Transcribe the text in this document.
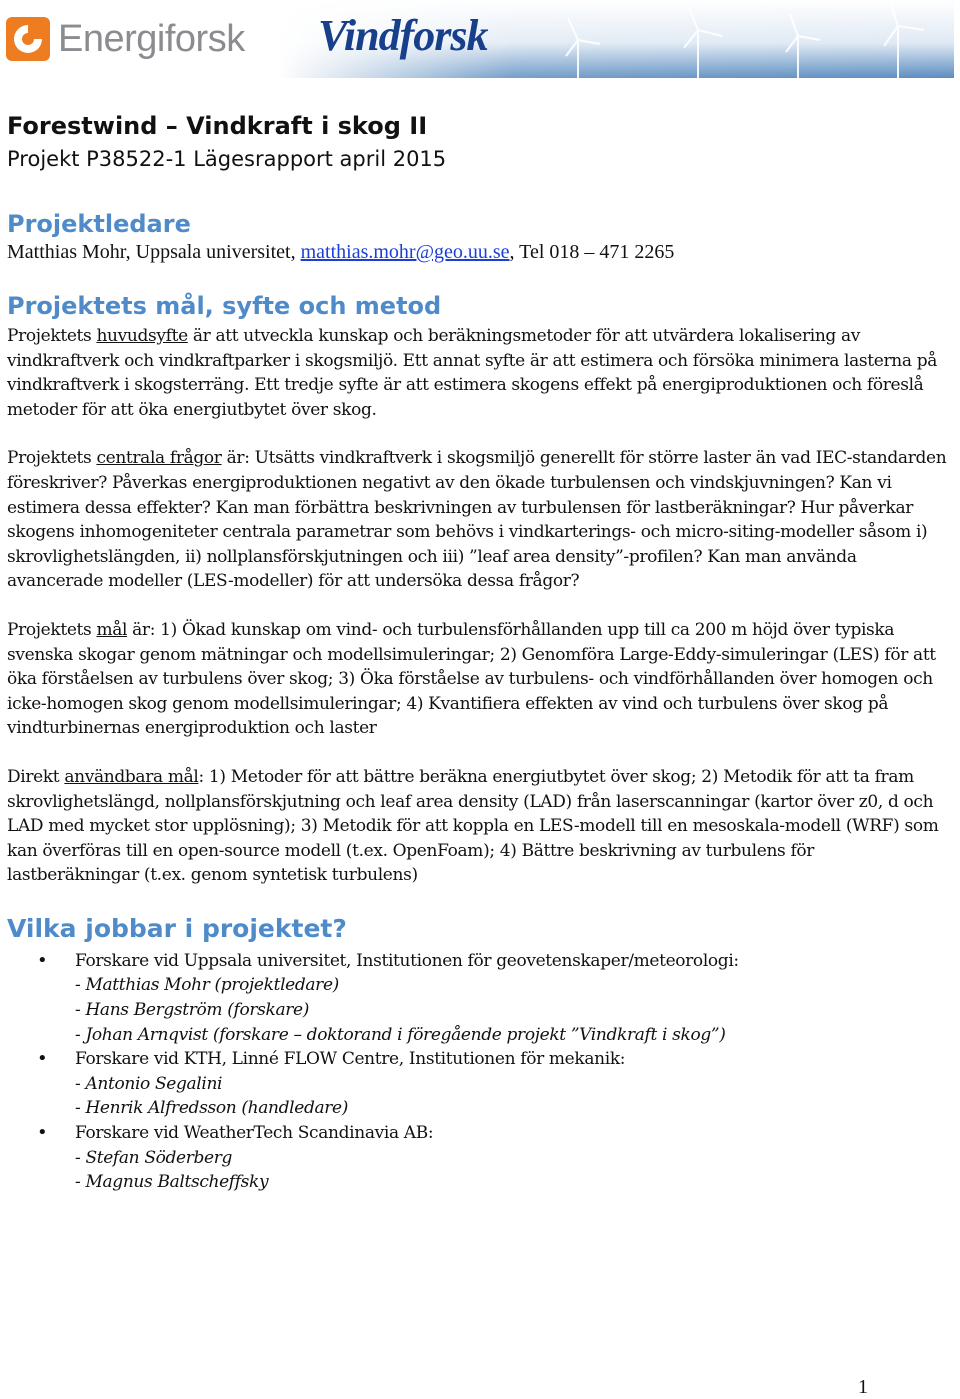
Energiforsk Vindforsk
Forestwind – Vindkraft i skog II
Projekt P38522-1 Lägesrapport april 2015
Projektledare

Matthias Mohr, Uppsala universitet, matthias.mohr@geo.uu.se, Tel 018 – 471 2265

Projektets mål, syfte och metod

Projektets huvudsyfte är att utveckla kunskap och beräkningsmetoder för att utvärdera lokalisering av vindkraftverk och vindkraftparker i skogsmiljö. Ett annat syfte är att estimera och försöka minimera lasterna på vindkraftverk i skogsterräng. Ett tredje syfte är att estimera skogens effekt på energiproduktionen och föreslå metoder för att öka energiutbytet över skog.

Projektets centrala frågor är: Utsätts vindkraftverk i skogsmiljö generellt för större laster än vad IEC-standarden föreskriver? Påverkas energiproduktionen negativt av den ökade turbulensen och vindskjuvningen? Kan vi estimera dessa effekter? Kan man förbättra beskrivningen av turbulensen för lastberäkningar? Hur påverkar skogens inhomogeniteter centrala parametrar som behövs i vindkarterings- och micro-siting-modeller såsom i) skrovlighetslängden, ii) nollplansförskjutningen och iii) ”leaf area density”-profilen? Kan man använda avancerade modeller (LES-modeller) för att undersöka dessa frågor?

Projektets mål är: 1) Ökad kunskap om vind- och turbulensförhållanden upp till ca 200 m höjd över typiska svenska skogar genom mätningar och modellsimuleringar; 2) Genomföra Large-Eddy-simuleringar (LES) för att öka förståelsen av turbulens över skog; 3) Öka förståelse av turbulens- och vindförhållanden över homogen och icke-homogen skog genom modellsimuleringar; 4) Kvantifiera effekten av vind och turbulens över skog på vindturbinernas energiproduktion och laster

Direkt användbara mål: 1) Metoder för att bättre beräkna energiutbytet över skog; 2) Metodik för att ta fram skrovlighetslängd, nollplansförskjutning och leaf area density (LAD) från laserscanningar (kartor över z0, d och LAD med mycket stor upplösning); 3) Metodik för att koppla en LES-modell till en mesoskala-modell (WRF) som kan överföras till en open-source modell (t.ex. OpenFoam); 4) Bättre beskrivning av turbulens för lastberäkningar (t.ex. genom syntetisk turbulens)

Vilka jobbar i projektet?
• Forskare vid Uppsala universitet, Institutionen för geovetenskaper/meteorologi:
- Matthias Mohr (projektledare)
- Hans Bergström (forskare)
- Johan Arnqvist (forskare – doktorand i föregående projekt ”Vindkraft i skog”)
• Forskare vid KTH, Linné FLOW Centre, Institutionen för mekanik:
- Antonio Segalini
- Henrik Alfredsson (handledare)
• Forskare vid WeatherTech Scandinavia AB:
- Stefan Söderberg
- Magnus Baltscheffsky
1
